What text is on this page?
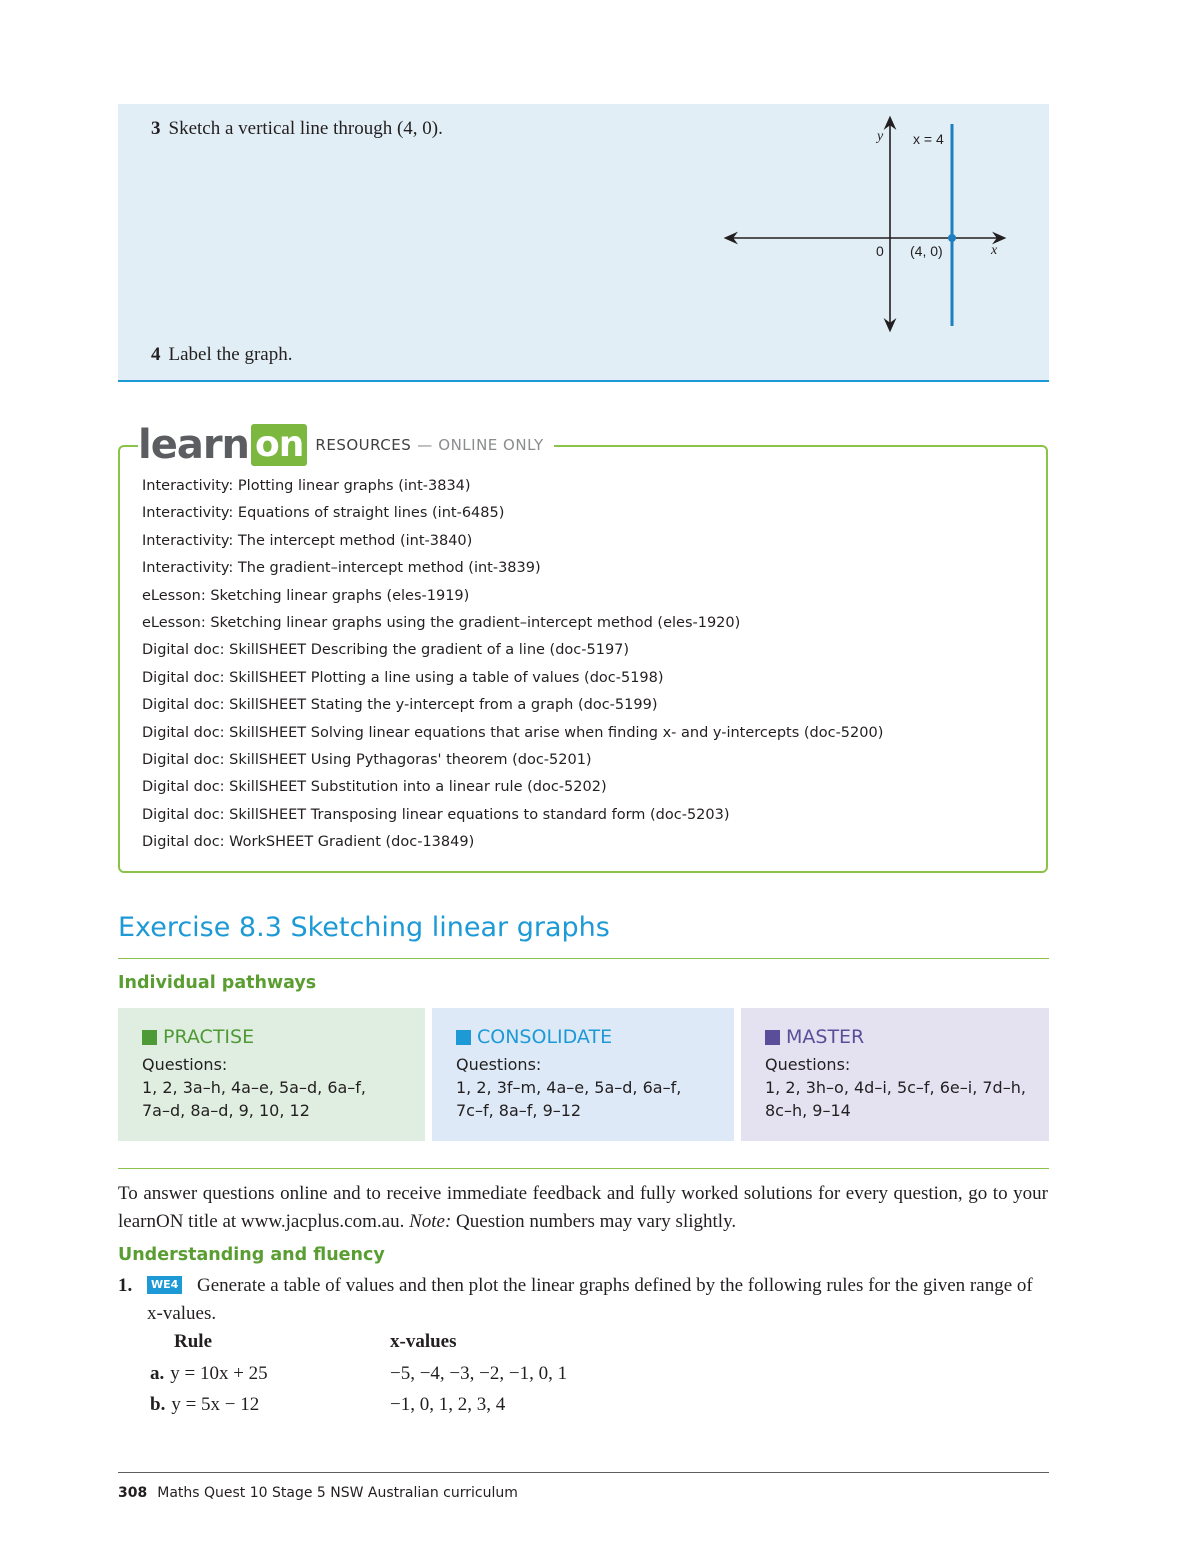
3 Sketch a vertical line through (4, 0).	y
x
x = 4
0 (4, 0)
4 Label the graph.
learn on RESOURCES — ONLINE ONLY
Interactivity: Plotting linear graphs (int-3834)
Interactivity: Equations of straight lines (int-6485)
Interactivity: The intercept method (int-3840)
Interactivity: The gradient–intercept method (int-3839)
eLesson: Sketching linear graphs (eles-1919)
eLesson: Sketching linear graphs using the gradient–intercept method (eles-1920)
Digital doc: SkillSHEET Describing the gradient of a line (doc-5197)
Digital doc: SkillSHEET Plotting a line using a table of values (doc-5198)
Digital doc: SkillSHEET Stating the y-intercept from a graph (doc-5199)
Digital doc: SkillSHEET Solving linear equations that arise when finding x- and y-intercepts (doc-5200)
Digital doc: SkillSHEET Using Pythagoras' theorem (doc-5201)
Digital doc: SkillSHEET Substitution into a linear rule (doc-5202)
Digital doc: SkillSHEET Transposing linear equations to standard form (doc-5203)
Digital doc: WorkSHEET Gradient (doc-13849)
Exercise 8.3 Sketching linear graphs
Individual pathways
PRACTISE
Questions:
1, 2, 3a–h, 4a–e, 5a–d, 6a–f,
7a–d, 8a–d, 9, 10, 12
CONSOLIDATE
Questions:
1, 2, 3f–m, 4a–e, 5a–d, 6a–f,
7c–f, 8a–f, 9–12
MASTER
Questions:
1, 2, 3h–o, 4d–i, 5c–f, 6e–i, 7d–h,
8c–h, 9–14
To answer questions online and to receive immediate feedback and fully worked solutions for every question, go to your learnON title at www.jacplus.com.au. Note: Question numbers may vary slightly.
Understanding and fluency
1.	WE4 Generate a table of values and then plot the linear graphs defined by the following rules for the given range of x-values.
Rule	x-values
a. y = 10x + 25	−5, −4, −3, −2, −1, 0, 1
b. y = 5x − 12	−1, 0, 1, 2, 3, 4
308 Maths Quest 10 Stage 5 NSW Australian curriculum
